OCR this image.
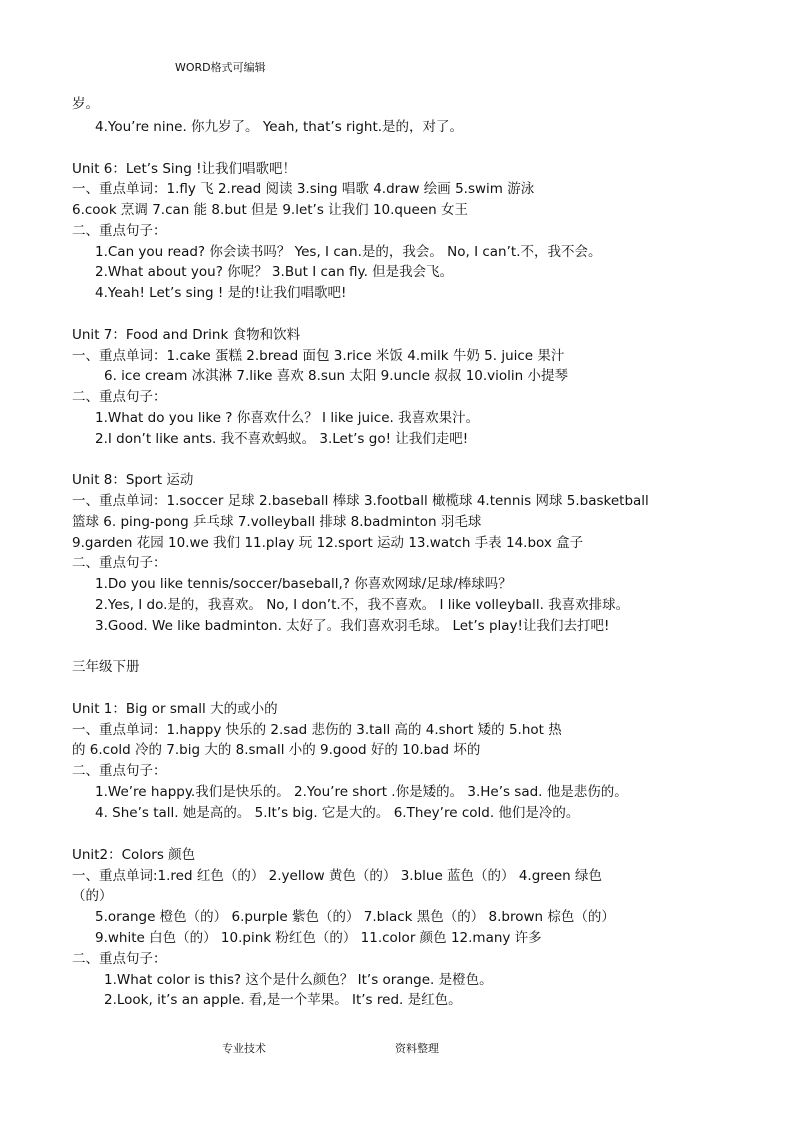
WORD格式可编辑
岁。
4.You’re nine. 你九岁了。 Yeah, that’s right.是的，对了。
Unit 6：Let’s Sing !让我们唱歌吧！
一、重点单词：1.fly 飞 2.read 阅读 3.sing 唱歌 4.draw 绘画 5.swim 游泳
6.cook 烹调 7.can 能 8.but 但是 9.let’s 让我们 10.queen 女王
二、重点句子：
1.Can you read? 你会读书吗？ Yes, I can.是的，我会。 No, I can’t.不，我不会。
2.What about you? 你呢？ 3.But I can fly. 但是我会飞。
4.Yeah! Let’s sing ! 是的!让我们唱歌吧!
Unit 7：Food and Drink 食物和饮料
一、重点单词：1.cake 蛋糕 2.bread 面包 3.rice 米饭 4.milk 牛奶 5. juice 果汁
6. ice cream 冰淇淋 7.like 喜欢 8.sun 太阳 9.uncle 叔叔 10.violin 小提琴
二、重点句子：
1.What do you like ? 你喜欢什么？ I like juice. 我喜欢果汁。
2.I don’t like ants. 我不喜欢蚂蚁。 3.Let’s go! 让我们走吧!
Unit 8：Sport 运动
一、重点单词：1.soccer 足球 2.baseball 棒球 3.football 橄榄球 4.tennis 网球 5.basketball
篮球 6. ping-pong 乒乓球 7.volleyball 排球 8.badminton 羽毛球
9.garden 花园 10.we 我们 11.play 玩 12.sport 运动 13.watch 手表 14.box 盒子
二、重点句子：
1.Do you like tennis/soccer/baseball,? 你喜欢网球/足球/棒球吗？
2.Yes, I do.是的，我喜欢。 No, I don’t.不，我不喜欢。 I like volleyball. 我喜欢排球。
3.Good. We like badminton. 太好了。我们喜欢羽毛球。 Let’s play!让我们去打吧!
三年级下册
Unit 1：Big or small 大的或小的
一、重点单词：1.happy 快乐的 2.sad 悲伤的 3.tall 高的 4.short 矮的 5.hot 热
的 6.cold 冷的 7.big 大的 8.small 小的 9.good 好的 10.bad 坏的
二、重点句子：
1.We’re happy.我们是快乐的。 2.You’re short .你是矮的。 3.He’s sad. 他是悲伤的。
4. She’s tall. 她是高的。 5.It’s big. 它是大的。 6.They’re cold. 他们是冷的。
Unit2：Colors 颜色
一、重点单词:1.red 红色（的） 2.yellow 黄色（的） 3.blue 蓝色（的） 4.green 绿色
（的）
5.orange 橙色（的） 6.purple 紫色（的） 7.black 黑色（的） 8.brown 棕色（的）
9.white 白色（的） 10.pink 粉红色（的） 11.color 颜色 12.many 许多
二、重点句子：
1.What color is this? 这个是什么颜色？ It’s orange. 是橙色。
2.Look, it’s an apple. 看,是一个苹果。 It’s red. 是红色。
专业技术	资料整理
